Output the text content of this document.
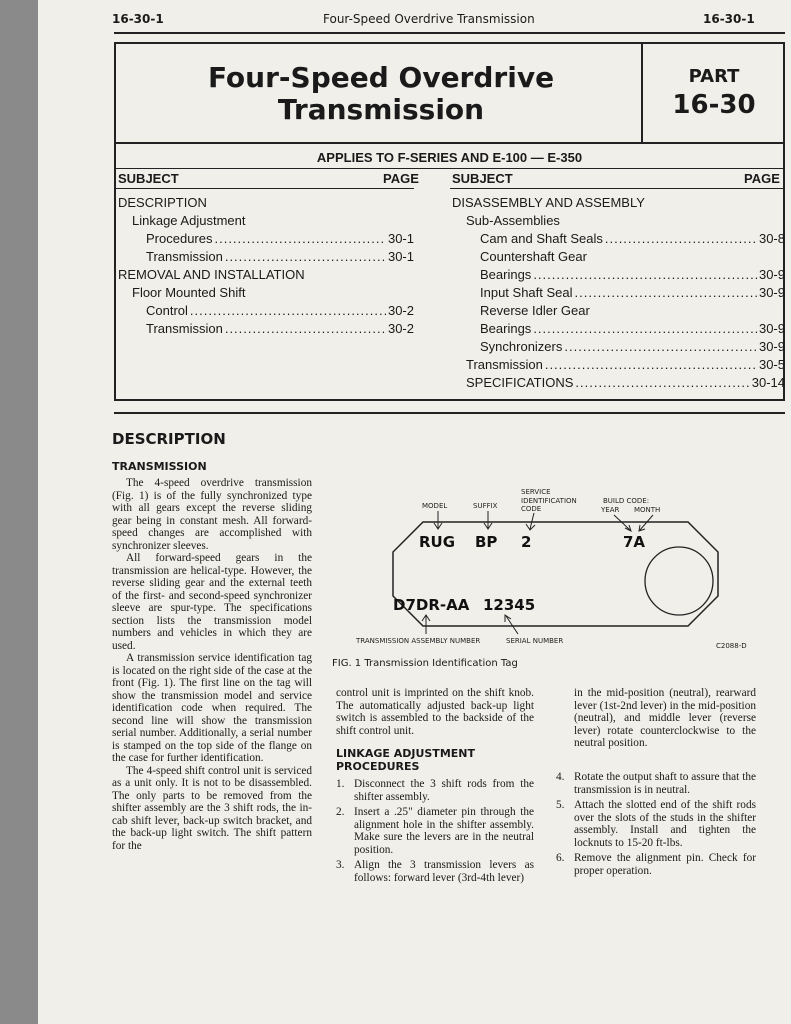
16-30-1	Four-Speed Overdrive Transmission	16-30-1
Four-Speed Overdrive
Transmission
PART
16-30
APPLIES TO F-SERIES AND E-100 — E-350
SUBJECT	PAGE	SUBJECT	PAGE
DESCRIPTION
Linkage Adjustment
Procedures .....	30-1
Transmission .....	30-1
REMOVAL AND INSTALLATION
Floor Mounted Shift
Control .....	30-2
Transmission .....	30-2
DISASSEMBLY AND ASSEMBLY
Sub-Assemblies
Cam and Shaft Seals .....	30-8
Countershaft Gear
Bearings .....	30-9
Input Shaft Seal .....	30-9
Reverse Idler Gear
Bearings .....	30-9
Synchronizers .....	30-9
Transmission .....	30-5
SPECIFICATIONS .....	30-14
DESCRIPTION
TRANSMISSION

The 4-speed overdrive transmission (Fig. 1) is of the fully synchronized type with all gears except the reverse sliding gear being in constant mesh. All forward-speed changes are accomplished with synchronizer sleeves.

All forward-speed gears in the transmission are helical-type. However, the reverse sliding gear and the external teeth of the first- and second-speed synchronizer sleeve are spur-type. The specifications section lists the transmission model numbers and vehicles in which they are used.

A transmission service identification tag is located on the right side of the case at the front (Fig. 1). The first line on the tag will show the transmission model and service identification code when required. The second line will show the transmission serial number. Additionally, a serial number is stamped on the top side of the flange on the case for further identification.

The 4-speed shift control unit is serviced as a unit only. It is not to be disassembled. The only parts to be removed from the shifter assembly are the 3 shift rods, the in-cab shift lever, back-up switch bracket, and the back-up light switch. The shift pattern for the

MODEL	SUFFIX
SERVICE
IDENTIFICATION
CODE
BUILD CODE:
YEAR MONTH
RUG BP 2	7A
D7DR-AA 12345
TRANSMISSION ASSEMBLY NUMBER	SERIAL NUMBER
C2088-D
FIG. 1 Transmission Identification Tag

control unit is imprinted on the shift knob. The automatically adjusted back-up light switch is assembled to the backside of the shift control unit.

LINKAGE ADJUSTMENT
PROCEDURES
1. Disconnect the 3 shift rods from the shifter assembly.
2. Insert a .25" diameter pin through the alignment hole in the shifter assembly. Make sure the levers are in the neutral position.
3. Align the 3 transmission levers as follows: forward lever (3rd-4th lever)

in the mid-position (neutral), rearward lever (1st-2nd lever) in the mid-position (neutral), and middle lever (reverse lever) rotate counterclockwise to the neutral position.

4. Rotate the output shaft to assure that the transmission is in neutral.
5. Attach the slotted end of the shift rods over the slots of the studs in the shifter assembly. Install and tighten the locknuts to 15-20 ft-lbs.
6. Remove the alignment pin. Check for proper operation.
